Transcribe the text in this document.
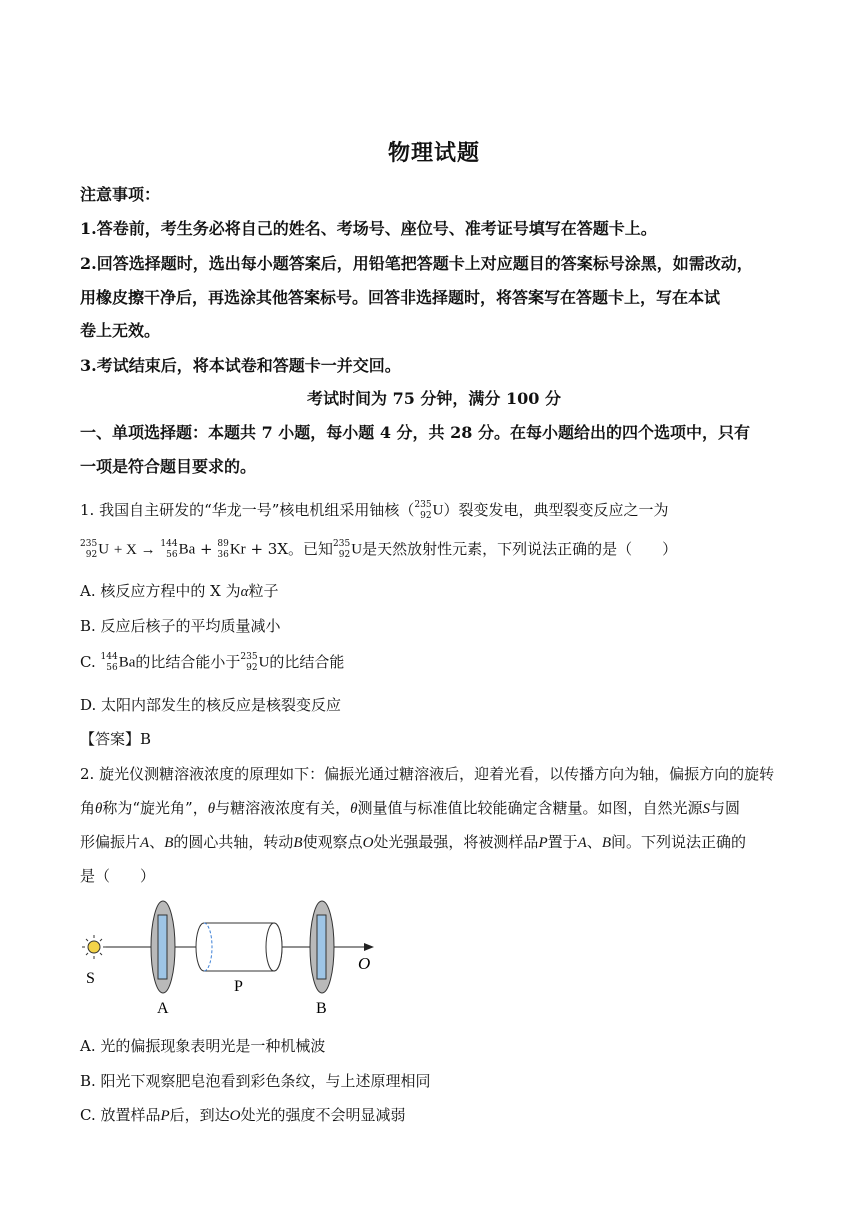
物理试题
注意事项：
1.答卷前，考生务必将自己的姓名、考场号、座位号、准考证号填写在答题卡上。
2.回答选择题时，选出每小题答案后，用铅笔把答题卡上对应题目的答案标号涂黑，如需改动，
用橡皮擦干净后，再选涂其他答案标号。回答非选择题时，将答案写在答题卡上，写在本试
卷上无效。
3.考试结束后，将本试卷和答题卡一并交回。
考试时间为 75 分钟，满分 100 分
一、单项选择题：本题共 7 小题，每小题 4 分，共 28 分。在每小题给出的四个选项中，只有
一项是符合题目要求的。
1. 我国自主研发的“华龙一号”核电机组采用铀核（ 235
92 U）裂变发电，典型裂变反应之一为
235
92 U + X → 144
56 Ba + 89
36 Kr + 3X。已知 235
92 U是天然放射性元素，下列说法正确的是（　　）
A. 核反应方程中的 X 为α粒子
B. 反应后核子的平均质量减小
C. 144
56 Ba的比结合能小于 235
92 U的比结合能
D. 太阳内部发生的核反应是核裂变反应
【答案】B
2. 旋光仪测糖溶液浓度的原理如下：偏振光通过糖溶液后，迎着光看，以传播方向为轴，偏振方向的旋转
角θ称为“旋光角”，θ与糖溶液浓度有关，θ测量值与标准值比较能确定含糖量。如图，自然光源S与圆
形偏振片A、B的圆心共轴，转动B使观察点O处光强最强，将被测样品P置于A、B间。下列说法正确的
是（　　）
S
A
P
B
O
A. 光的偏振现象表明光是一种机械波
B. 阳光下观察肥皂泡看到彩色条纹，与上述原理相同
C. 放置样品P后，到达O处光的强度不会明显减弱
